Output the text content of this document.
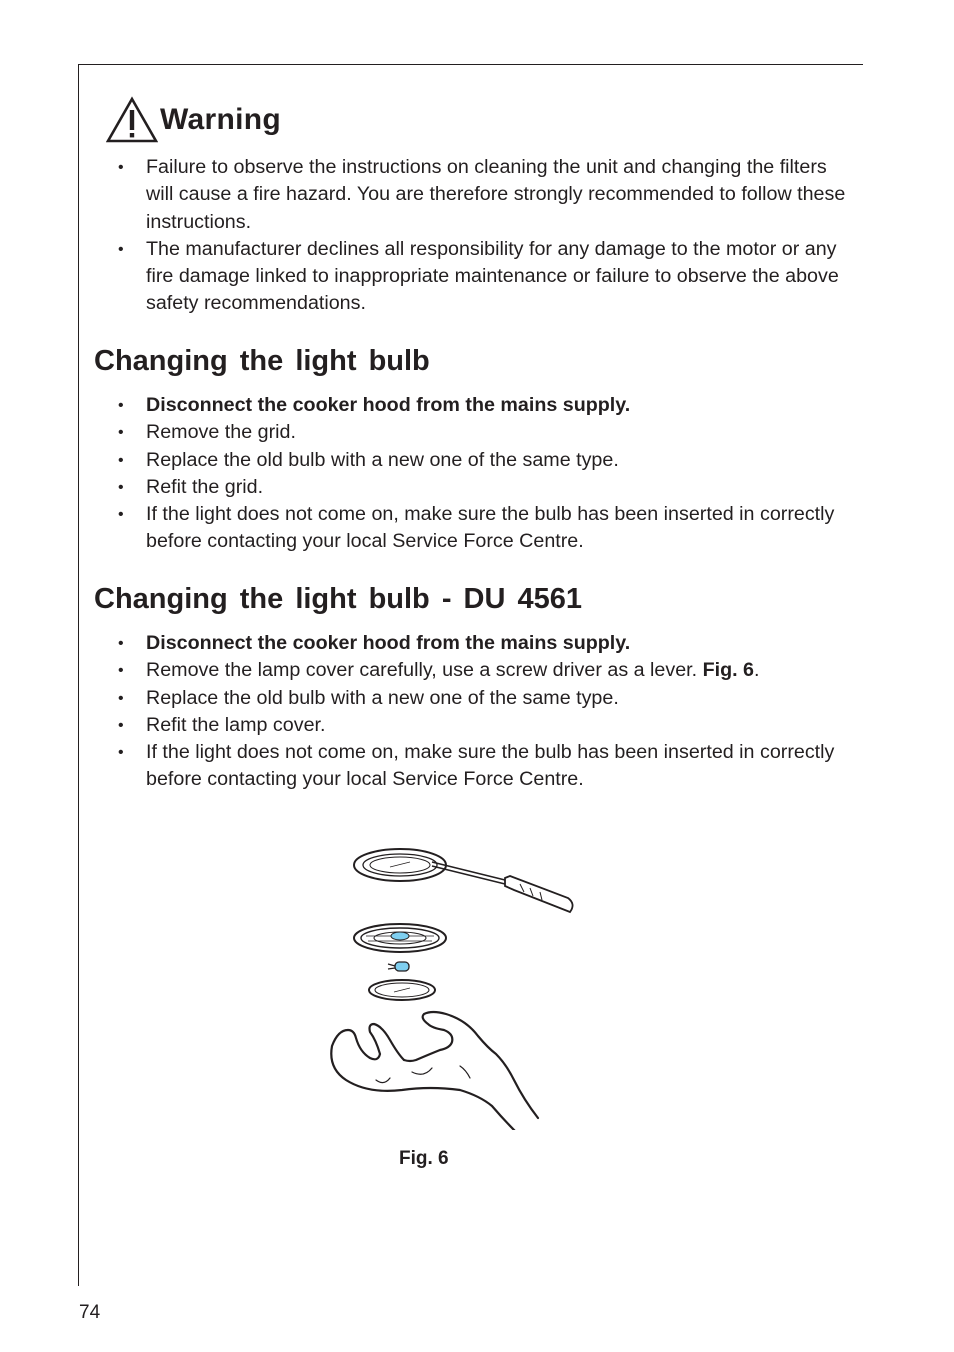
Warning
• Failure to observe the instructions on cleaning the unit and changing the filters will cause a fire hazard. You are therefore strongly recommended to follow these instructions.
• The manufacturer declines all responsibility for any damage to the motor or any fire damage linked to inappropriate maintenance or failure to observe the above safety recommendations.
Changing the light bulb
• Disconnect the cooker hood from the mains supply.
• Remove the grid.
• Replace the old bulb with a new one of the same type.
• Refit the grid.
• If the light does not come on, make sure the bulb has been inserted in correctly before contacting your local Service Force Centre.
Changing the light bulb - DU 4561
• Disconnect the cooker hood from the mains supply.
• Remove the lamp cover carefully, use a screw driver as a lever. Fig. 6.
• Replace the old bulb with a new one of the same type.
• Refit the lamp cover.
• If the light does not come on, make sure the bulb has been inserted in correctly before contacting your local Service Force Centre.
Fig. 6
74
